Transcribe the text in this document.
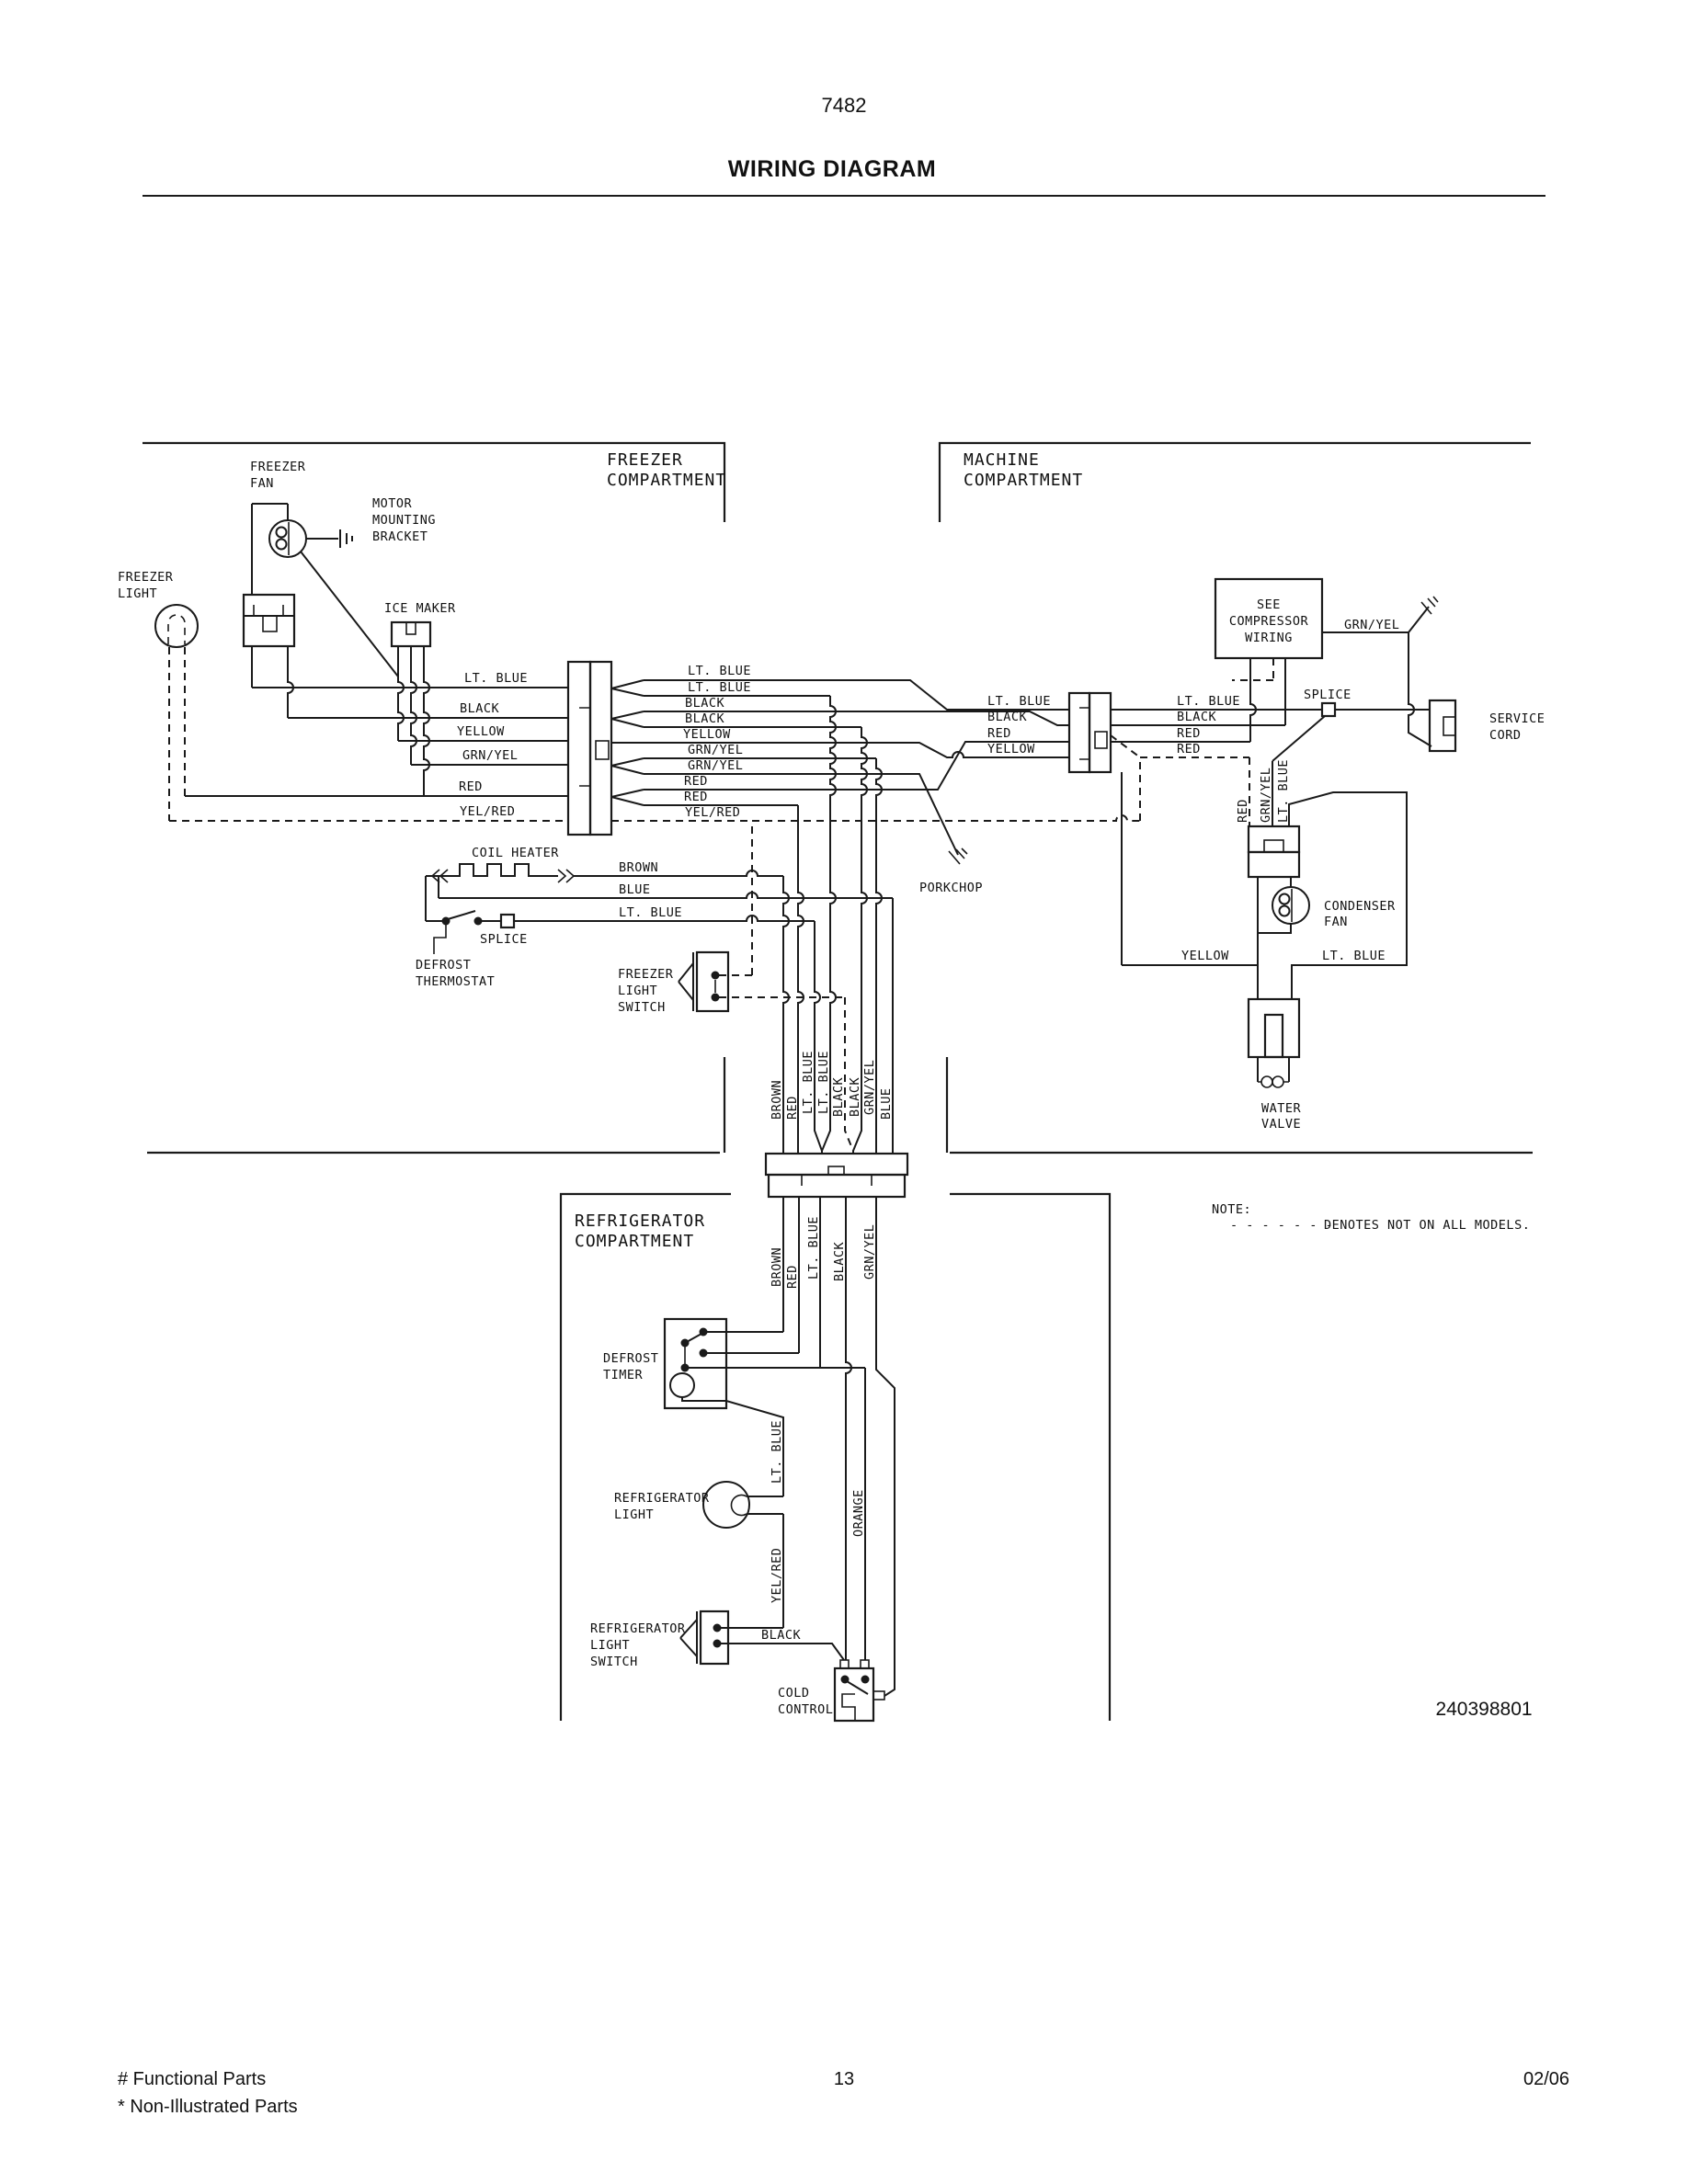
7482
WIRING DIAGRAM
FREEZER
COMPARTMENT
MACHINE
COMPARTMENT
REFRIGERATOR
COMPARTMENT
FREEZER
FAN
MOTOR
MOUNTING
BRACKET
FREEZER
LIGHT
ICE MAKER
LT. BLUE
BLACK
YELLOW
GRN/YEL
RED
YEL/RED
LT. BLUE
LT. BLUE
BLACK
BLACK
YELLOW
GRN/YEL
GRN/YEL
RED
RED
YEL/RED
PORKCHOP
LT. BLUE
BLACK
RED
YELLOW
LT. BLUE
BLACK
RED
RED
SEE
COMPRESSOR
WIRING
GRN/YEL
SPLICE
SERVICE
CORD
CONDENSER
FAN
RED GRN/YEL LT. BLUE
YELLOW	LT. BLUE
WATER
VALVE
COIL HEATER
BROWN
BLUE
LT. BLUE
DEFROST
THERMOSTAT
SPLICE
FREEZER
LIGHT
SWITCH
BROWN RED LT. BLUE LT. BLUE BLACK BLACK GRN/YEL BLUE
BROWN RED LT. BLUE BLACK GRN/YEL
DEFROST
TIMER
ORANGE
REFRIGERATOR
LIGHT
LT. BLUE
YEL/RED
REFRIGERATOR
LIGHT
SWITCH
BLACK
COLD
CONTROL
NOTE:
- - - - - - -
DENOTES NOT ON ALL MODELS.
240398801
# Functional Parts
* Non-Illustrated Parts
13	02/06
